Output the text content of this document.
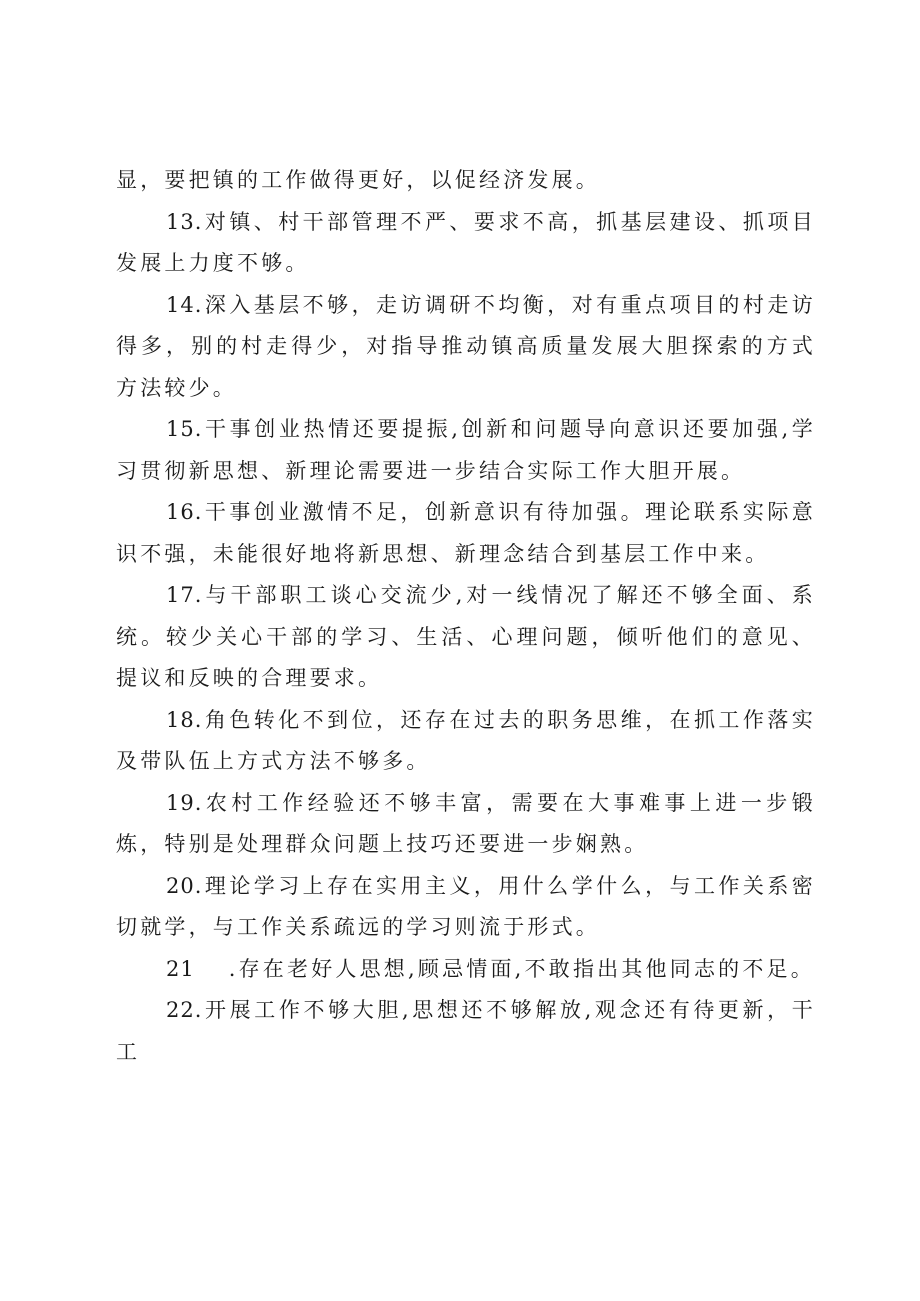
显，要把镇的工作做得更好，以促经济发展。

13.对镇、村干部管理不严、要求不高，抓基层建设、抓项目发展上力度不够。

14.深入基层不够，走访调研不均衡，对有重点项目的村走访得多，别的村走得少，对指导推动镇高质量发展大胆探索的方式方法较少。

15.干事创业热情还要提振,创新和问题导向意识还要加强,学习贯彻新思想、新理论需要进一步结合实际工作大胆开展。

16.干事创业激情不足，创新意识有待加强。理论联系实际意识不强，未能很好地将新思想、新理念结合到基层工作中来。

17.与干部职工谈心交流少,对一线情况了解还不够全面、系统。较少关心干部的学习、生活、心理问题，倾听他们的意见、提议和反映的合理要求。

18.角色转化不到位，还存在过去的职务思维，在抓工作落实及带队伍上方式方法不够多。

19.农村工作经验还不够丰富，需要在大事难事上进一步锻炼，特别是处理群众问题上技巧还要进一步娴熟。

20.理论学习上存在实用主义，用什么学什么，与工作关系密切就学，与工作关系疏远的学习则流于形式。

21 .存在老好人思想,顾忌情面,不敢指出其他同志的不足。

22.开展工作不够大胆,思想还不够解放,观念还有待更新，干工
